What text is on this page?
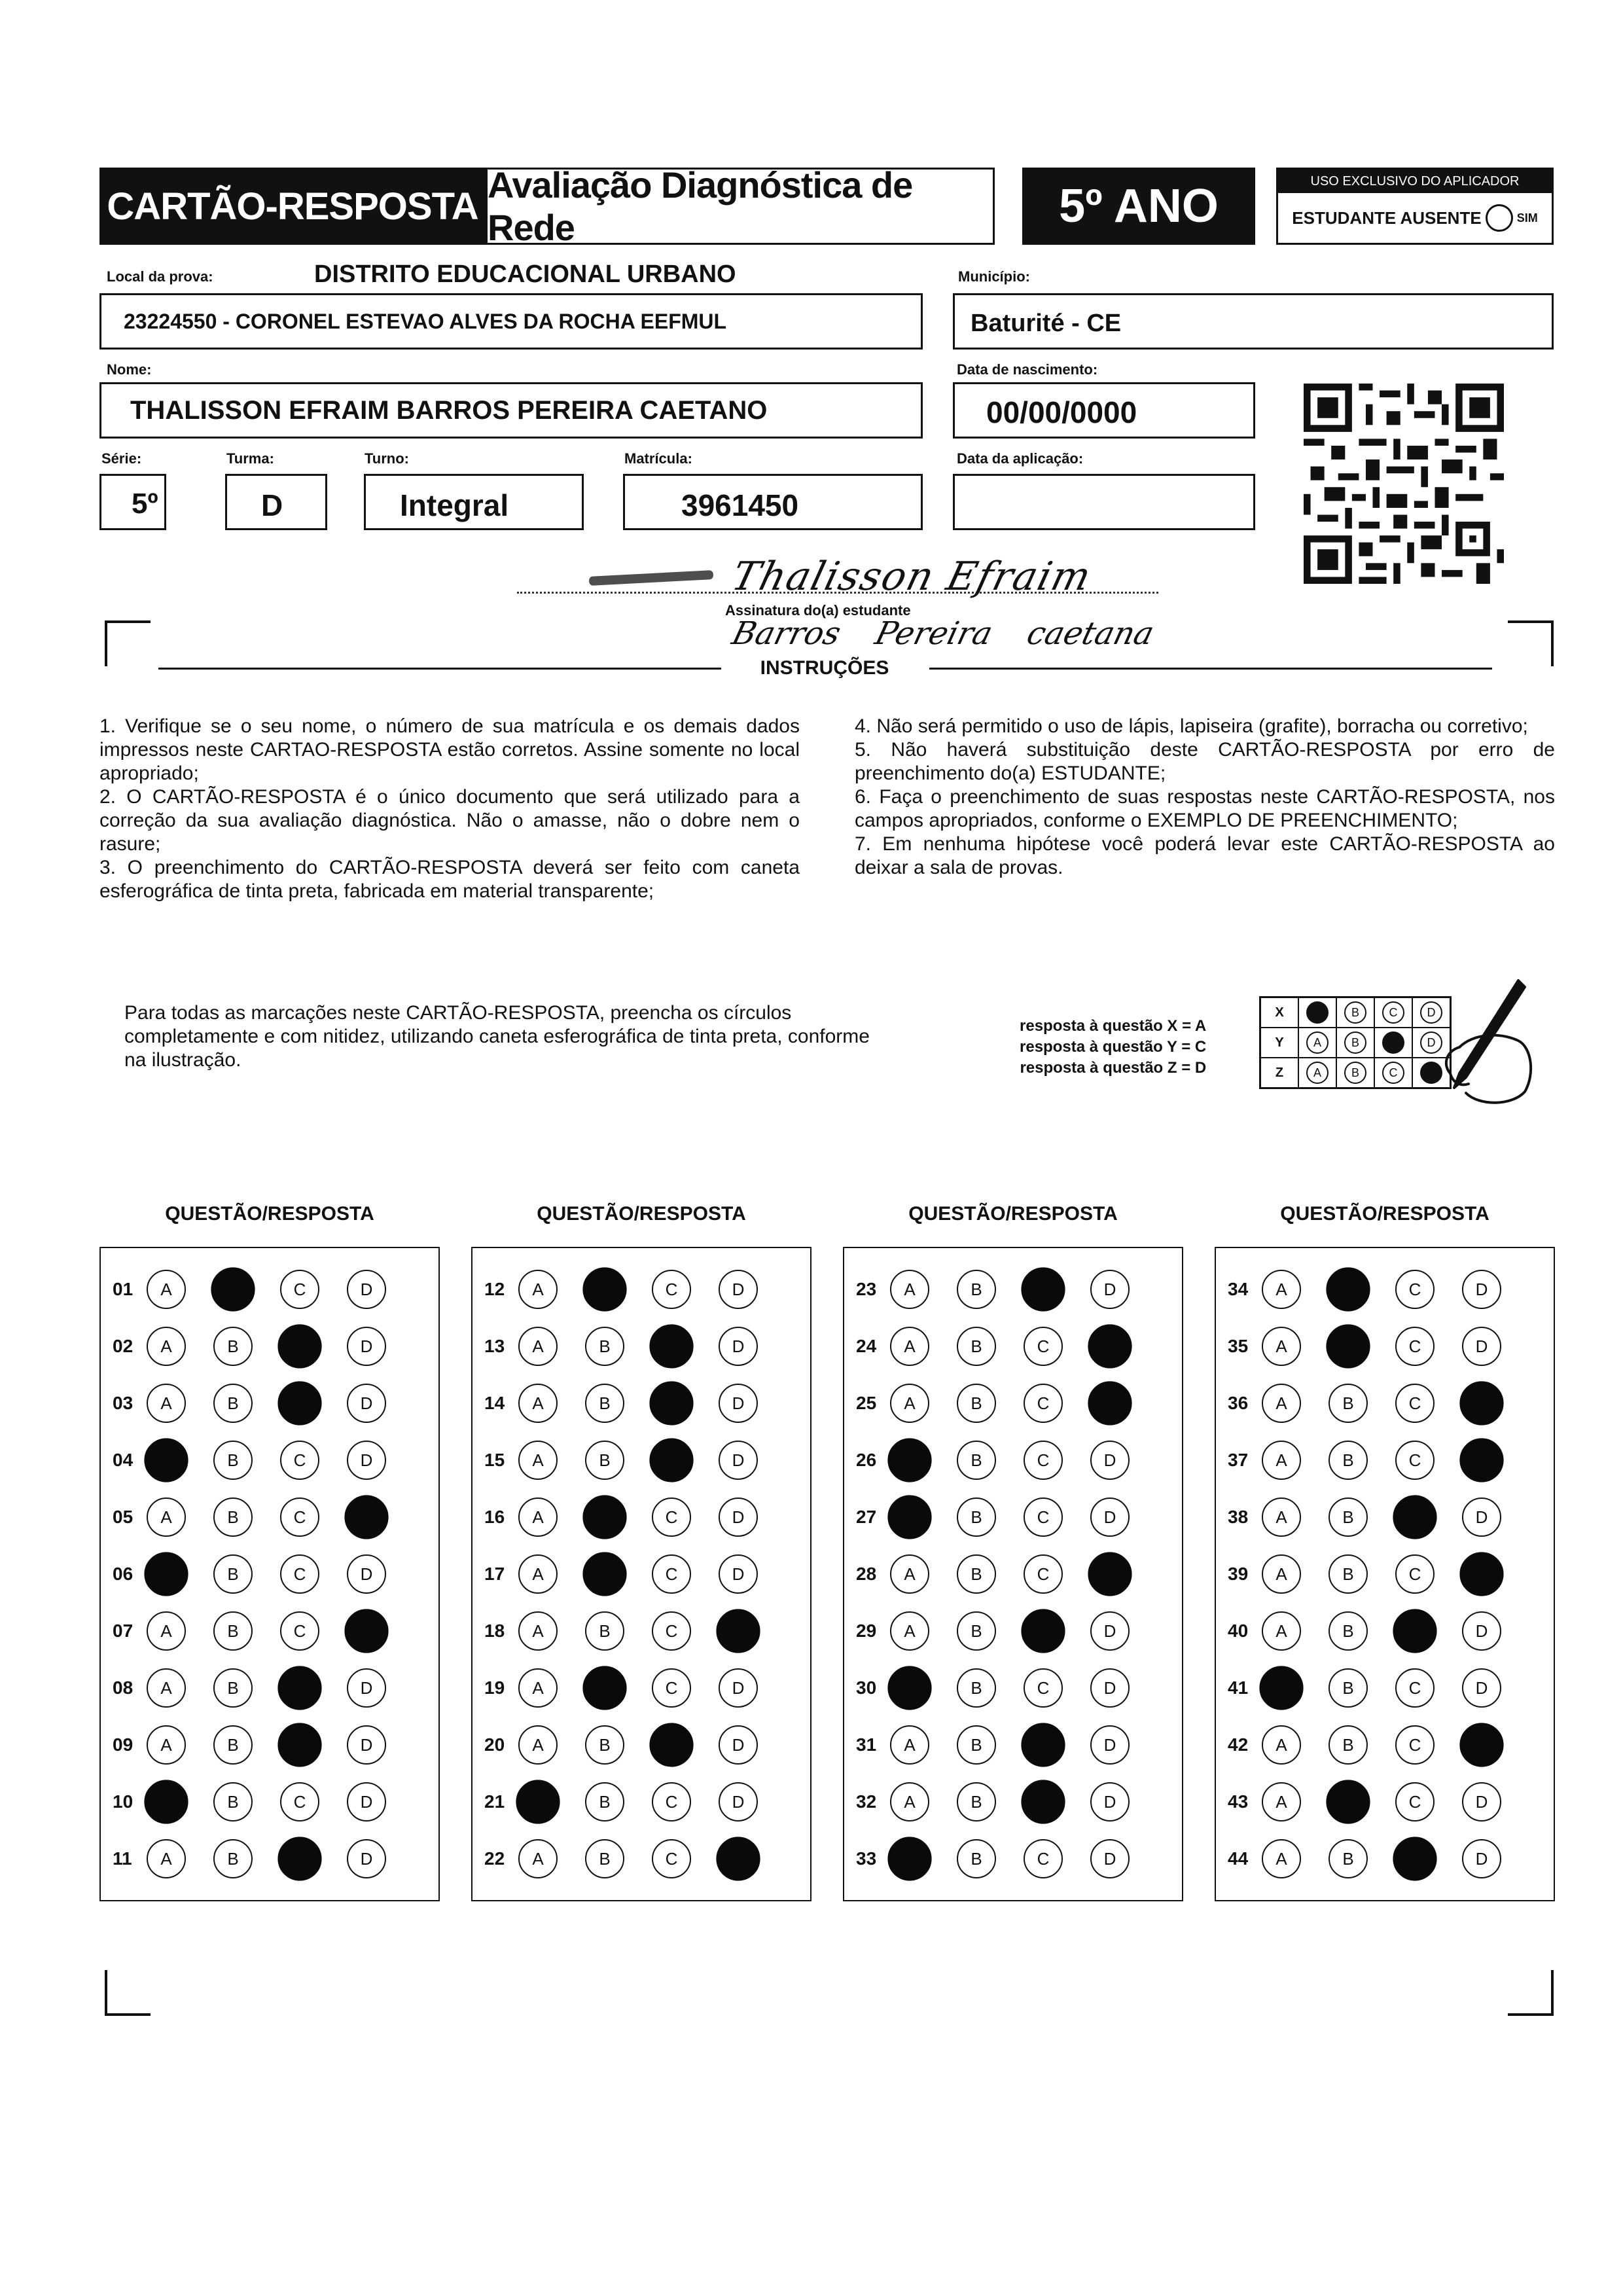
CARTÃO-RESPOSTA Avaliação Diagnóstica de Rede	5º ANO	USO EXCLUSIVO DO APLICADOR
ESTUDANTE AUSENTE	SIM
Local da prova:	DISTRITO EDUCACIONAL URBANO
23224550 - CORONEL ESTEVAO ALVES DA ROCHA EEFMUL
Município:
Baturité - CE
Nome:
THALISSON EFRAIM BARROS PEREIRA CAETANO
Data de nascimento:
00/00/0000
Série:
5º
Turma:
D
Turno:
Integral
Matrícula:
3961450
Data da aplicação:
Thalisson Efraim
Assinatura do(a) estudante
Barros Pereira caetana
INSTRUÇÕES

1. Verifique se o seu nome, o número de sua matrícula e os demais dados impressos neste CARTAO-RESPOSTA estão corretos. Assine somente no local apropriado;

2. O CARTÃO-RESPOSTA é o único documento que será utilizado para a correção da sua avaliação diagnóstica. Não o amasse, não o dobre nem o rasure;

3. O preenchimento do CARTÃO-RESPOSTA deverá ser feito com caneta esferográfica de tinta preta, fabricada em material transparente;

4. Não será permitido o uso de lápis, lapiseira (grafite), borracha ou corretivo;

5. Não haverá substituição deste CARTÃO-RESPOSTA por erro de preenchimento do(a) ESTUDANTE;

6. Faça o preenchimento de suas respostas neste CARTÃO-RESPOSTA, nos campos apropriados, conforme o EXEMPLO DE PREENCHIMENTO;

7. Em nenhuma hipótese você poderá levar este CARTÃO-RESPOSTA ao deixar a sala de provas.

Para todas as marcações neste CARTÃO-RESPOSTA, preencha os círculos completamente e com nitidez, utilizando caneta esferográfica de tinta preta, conforme na ilustração.
resposta à questão X = A
resposta à questão Y = C
resposta à questão Z = D
X		B	C	D
Y	A	B		D
Z	A	B	C	
QUESTÃO/RESPOSTA
01	A	C	D
02	A	B	D
03	A	B	D
04	B	C	D
05	A	B	C
06	B	C	D
07	A	B	C
08	A	B	D
09	A	B	D
10	B	C	D
11	A	B	D
QUESTÃO/RESPOSTA
12	A	C	D
13	A	B	D
14	A	B	D
15	A	B	D
16	A	C	D
17	A	C	D
18	A	B	C
19	A	C	D
20	A	B	D
21	B	C	D
22	A	B	C
QUESTÃO/RESPOSTA
23	A	B	D
24	A	B	C
25	A	B	C
26	B	C	D
27	B	C	D
28	A	B	C
29	A	B	D
30	B	C	D
31	A	B	D
32	A	B	D
33	B	C	D
QUESTÃO/RESPOSTA
34	A	C	D
35	A	C	D
36	A	B	C
37	A	B	C
38	A	B	D
39	A	B	C
40	A	B	D
41	B	C	D
42	A	B	C
43	A	C	D
44	A	B	D
